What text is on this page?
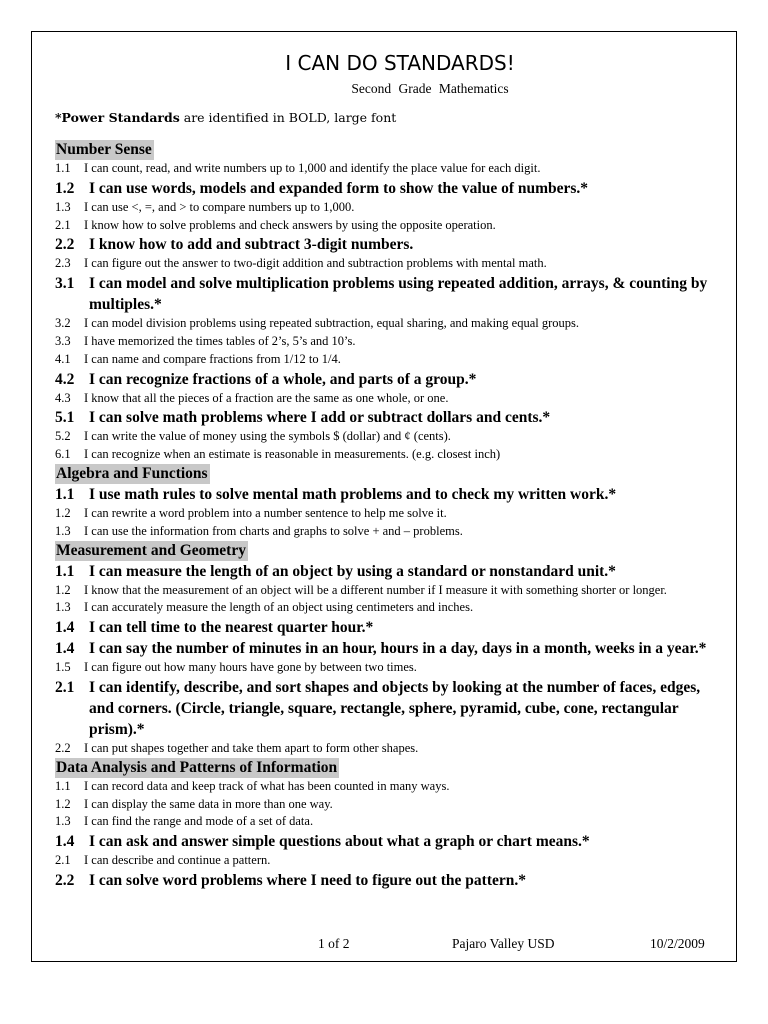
I CAN DO STANDARDS!
Second Grade Mathematics
*Power Standards are identified in BOLD, large font
Number Sense
1.1	I can count, read, and write numbers up to 1,000 and identify the place value for each digit.
1.2 I can use words, models and expanded form to show the value of numbers.*
1.3	I can use <, =, and > to compare numbers up to 1,000.
2.1	I know how to solve problems and check answers by using the opposite operation.
2.2 I know how to add and subtract 3-digit numbers.
2.3	I can figure out the answer to two-digit addition and subtraction problems with mental math.
3.1 I can model and solve multiplication problems using repeated addition, arrays, & counting by multiples.*
3.2	I can model division problems using repeated subtraction, equal sharing, and making equal groups.
3.3	I have memorized the times tables of 2’s, 5’s and 10’s.
4.1	I can name and compare fractions from 1/12 to 1/4.
4.2 I can recognize fractions of a whole, and parts of a group.*
4.3	I know that all the pieces of a fraction are the same as one whole, or one.
5.1 I can solve math problems where I add or subtract dollars and cents.*
5.2	I can write the value of money using the symbols $ (dollar) and ¢ (cents).
6.1	I can recognize when an estimate is reasonable in measurements. (e.g. closest inch)
Algebra and Functions
1.1 I use math rules to solve mental math problems and to check my written work.*
1.2	I can rewrite a word problem into a number sentence to help me solve it.
1.3	I can use the information from charts and graphs to solve + and – problems.
Measurement and Geometry
1.1 I can measure the length of an object by using a standard or nonstandard unit.*
1.2 I know that the measurement of an object will be a different number if I measure it with something shorter or longer.
1.3	I can accurately measure the length of an object using centimeters and inches.
1.4 I can tell time to the nearest quarter hour.*
1.4 I can say the number of minutes in an hour, hours in a day, days in a month, weeks in a year.*
1.5	I can figure out how many hours have gone by between two times.
2.1 I can identify, describe, and sort shapes and objects by looking at the number of faces, edges, and corners. (Circle, triangle, square, rectangle, sphere, pyramid, cube, cone, rectangular prism).*
2.2	I can put shapes together and take them apart to form other shapes.
Data Analysis and Patterns of Information
1.1	I can record data and keep track of what has been counted in many ways.
1.2	I can display the same data in more than one way.
1.3	I can find the range and mode of a set of data.
1.4 I can ask and answer simple questions about what a graph or chart means.*
2.1	I can describe and continue a pattern.
2.2 I can solve word problems where I need to figure out the pattern.*
1 of 2	Pajaro Valley USD	10/2/2009
